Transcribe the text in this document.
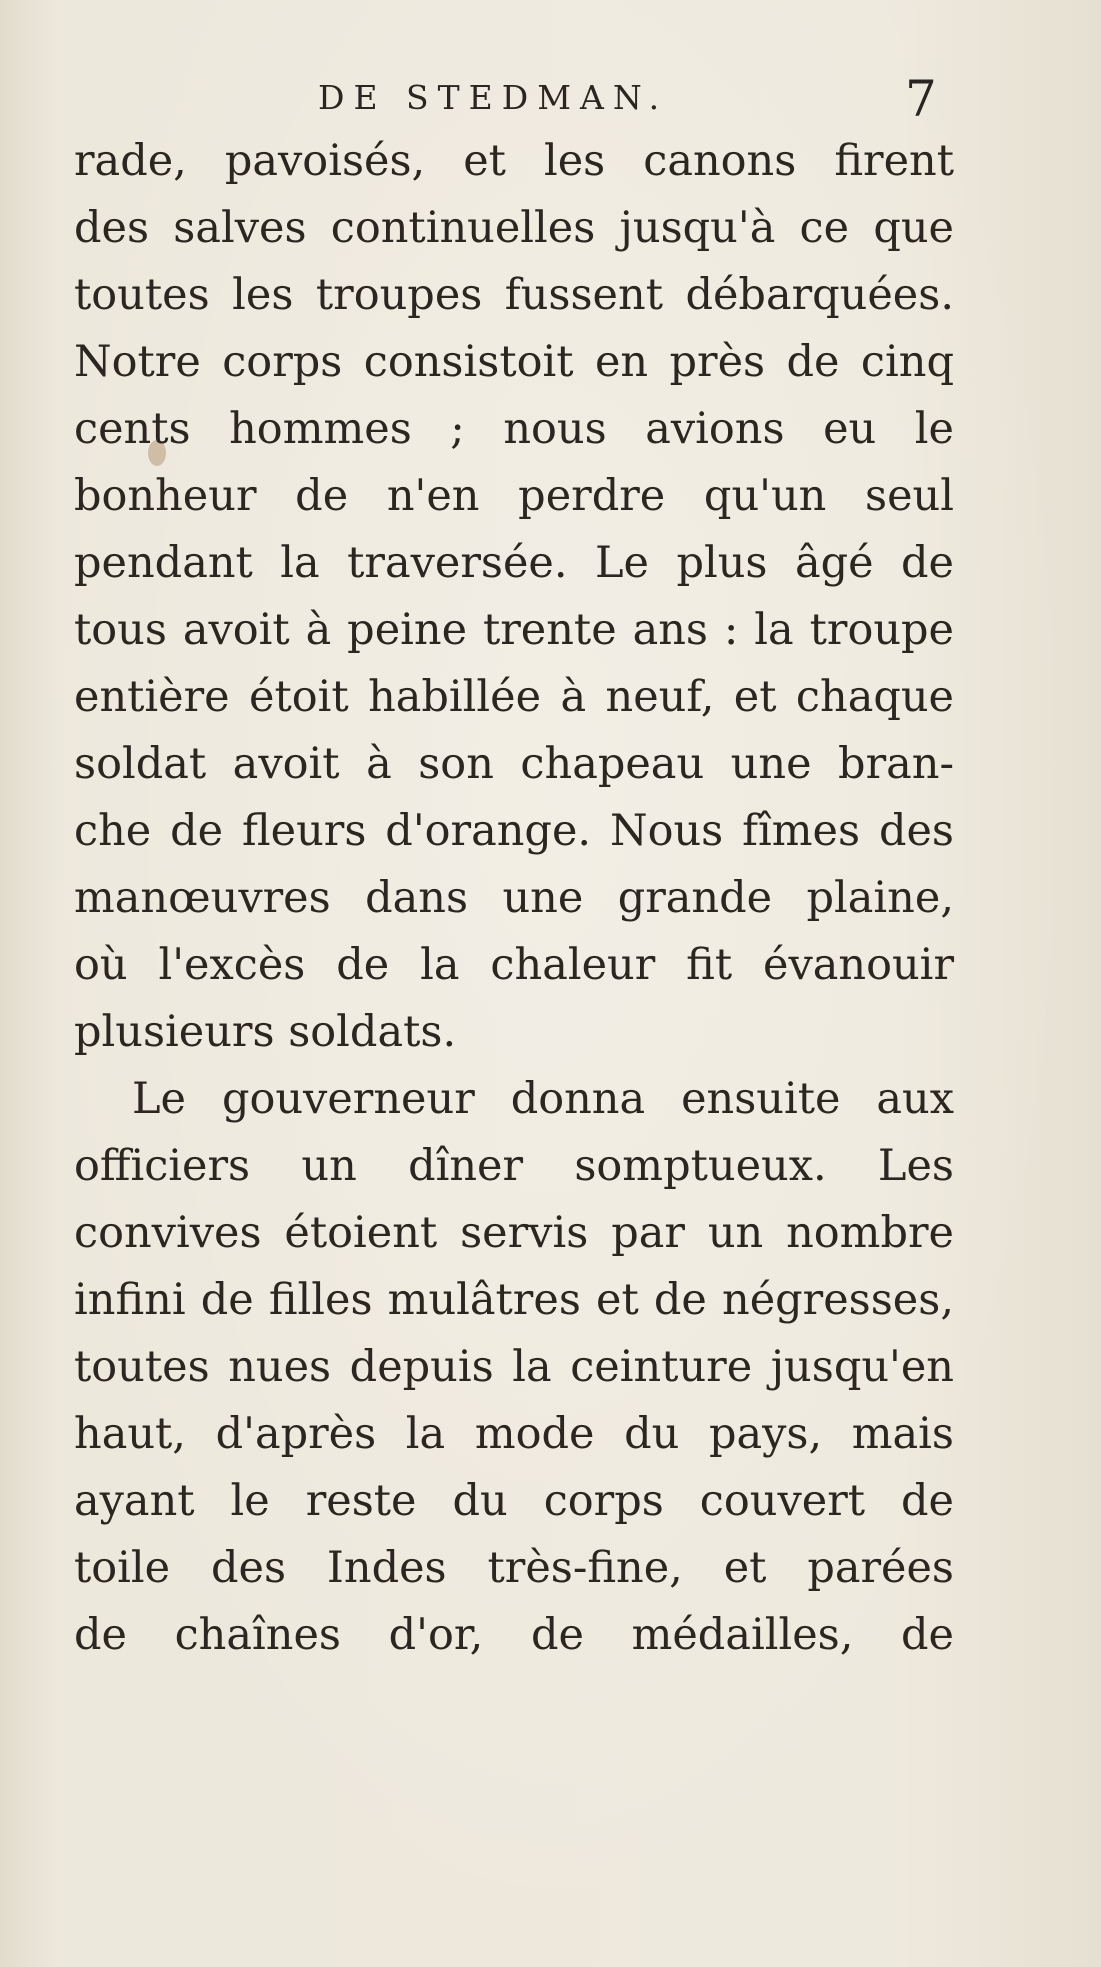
DE STEDMAN.	7
rade, pavoisés, et les canons firent
des salves continuelles jusqu'à ce que
toutes les troupes fussent débarquées.
Notre corps consistoit en près de cinq
cents hommes ; nous avions eu le
bonheur de n'en perdre qu'un seul
pendant la traversée. Le plus âgé de
tous avoit à peine trente ans : la troupe
entière étoit habillée à neuf, et chaque
soldat avoit à son chapeau une bran-
che de fleurs d'orange. Nous fîmes des
manœuvres dans une grande plaine,
où l'excès de la chaleur fit évanouir
plusieurs soldats.
Le gouverneur donna ensuite aux
officiers un dîner somptueux. Les
convives étoient servis par un nombre
infini de filles mulâtres et de négresses,
toutes nues depuis la ceinture jusqu'en
haut, d'après la mode du pays, mais
ayant le reste du corps couvert de
toile des Indes très-fine, et parées
de chaînes d'or, de médailles, de
